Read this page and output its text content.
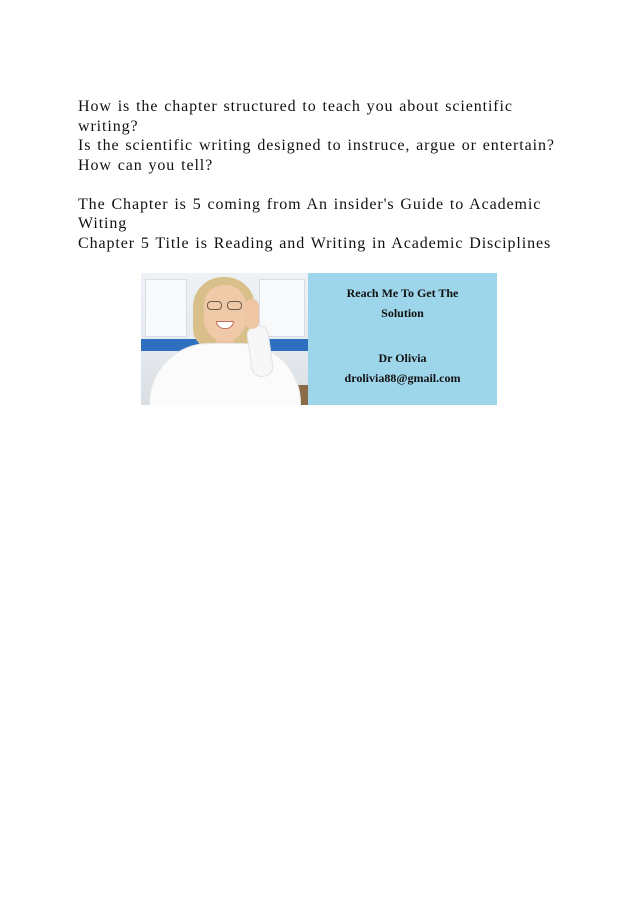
How is the chapter structured to teach you about scientific
writing?
Is the scientific writing designed to instruce, argue or entertain?
How can you tell?
The Chapter is 5 coming from An insider's Guide to Academic
Witing
Chapter 5 Title is Reading and Writing in Academic Disciplines
Reach Me To Get The
Solution
Dr Olivia
drolivia88@gmail.com
